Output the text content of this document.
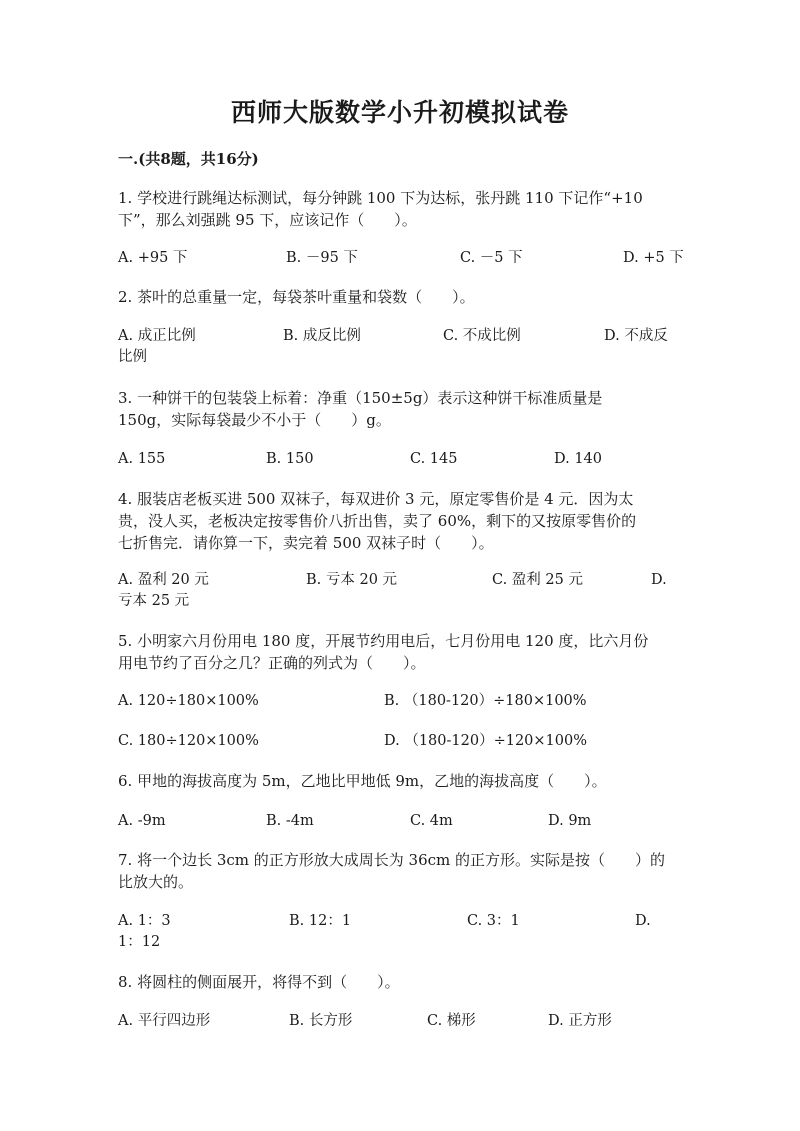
西师大版数学小升初模拟试卷
一.(共8题，共16分)
1. 学校进行跳绳达标测试，每分钟跳 100 下为达标，张丹跳 110 下记作“+10
下”，那么刘强跳 95 下，应该记作（　　）。
A. +95 下	B. －95 下	C. －5 下	D. +5 下
2. 茶叶的总重量一定，每袋茶叶重量和袋数（　　）。
A. 成正比例	B. 成反比例	C. 不成比例	D. 不成反比例
3. 一种饼干的包装袋上标着：净重（150±5g）表示这种饼干标准质量是
150g，实际每袋最少不小于（　　）g。
A. 155	B. 150	C. 145	D. 140
4. 服装店老板买进 500 双袜子，每双进价 3 元，原定零售价是 4 元．因为太
贵，没人买，老板决定按零售价八折出售，卖了 60%，剩下的又按原零售价的
七折售完．请你算一下，卖完着 500 双袜子时（　　）。
A. 盈利 20 元	B. 亏本 20 元	C. 盈利 25 元	D. 亏本 25 元
5. 小明家六月份用电 180 度，开展节约用电后，七月份用电 120 度，比六月份
用电节约了百分之几？正确的列式为（　　）。
A. 120÷180×100%	B. （180-120）÷180×100%
C. 180÷120×100%	D. （180-120）÷120×100%
6. 甲地的海拔高度为 5m，乙地比甲地低 9m，乙地的海拔高度（　　）。
A. -9m	B. -4m	C. 4m	D. 9m
7. 将一个边长 3cm 的正方形放大成周长为 36cm 的正方形。实际是按（　　）的
比放大的。
A. 1：3	B. 12：1	C. 3：1	D. 1：12
8. 将圆柱的侧面展开，将得不到（　　）。
A. 平行四边形	B. 长方形	C. 梯形	D. 正方形
